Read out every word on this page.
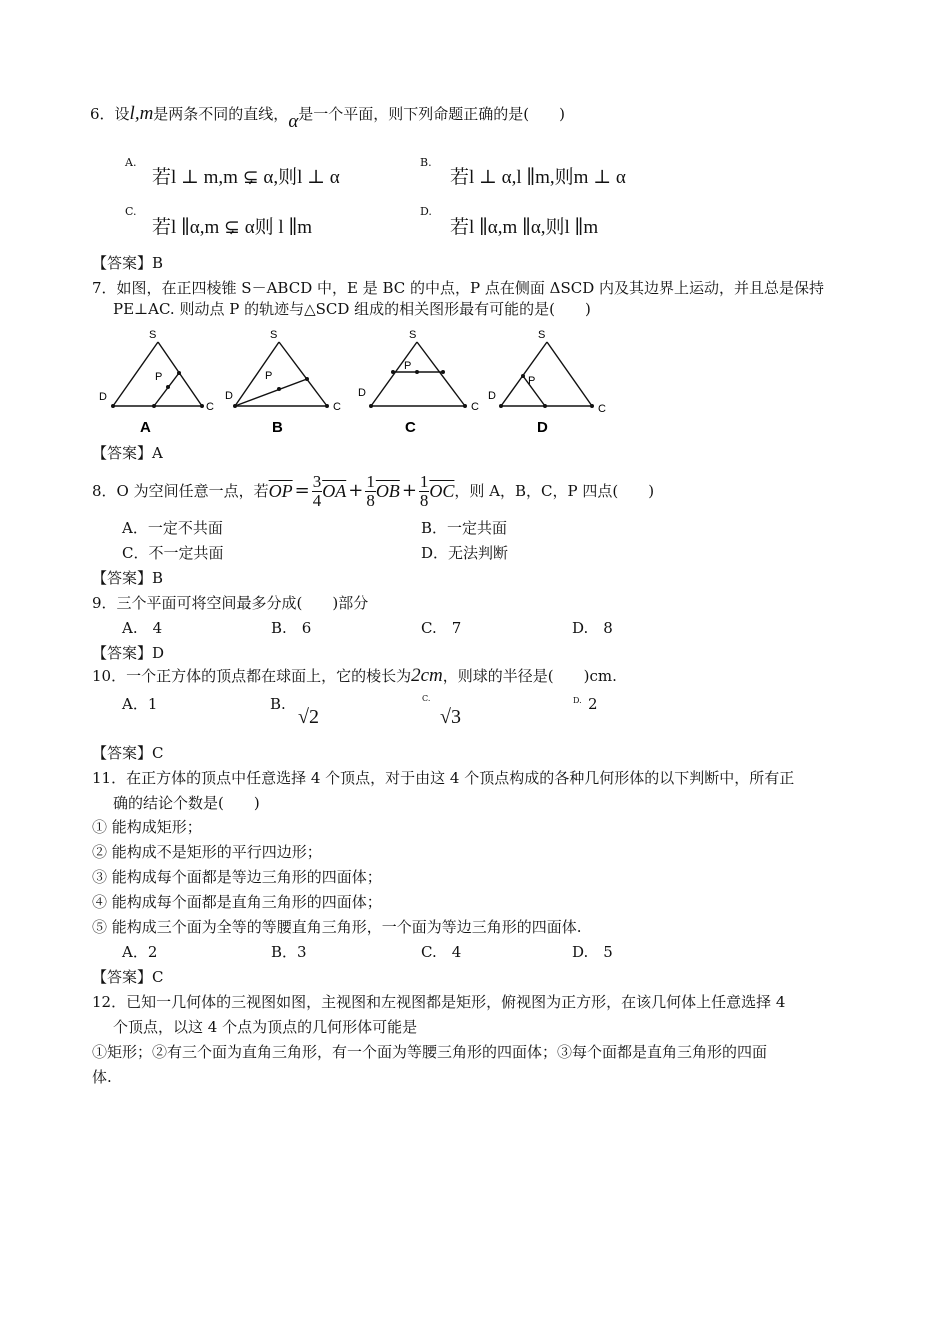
6．设l,m是两条不同的直线，α是一个平面，则下列命题正确的是(　　)
A.
若l ⊥ m,m ⊊ α,则l ⊥ α
B.
若l ⊥ α,l ∥m,则m ⊥ α
C.
若l ∥α,m ⊊ α则 l ∥m
D.
若l ∥α,m ∥α,则l ∥m
【答案】B
7．如图，在正四棱锥 S－ABCD 中，E 是 BC 的中点，P 点在侧面 ΔSCD 内及其边界上运动，并且总是保持
PE⊥AC. 则动点 P 的轨迹与△SCD 组成的相关图形最有可能的是(　　)
S
D
C
P
A
S
D
C
P
B
S
D
C
P
C
S
D
C
P
D
【答案】A
8．O 为空间任意一点，若 $\overline{OP} = \frac{3}{4} \overline{OA} + \frac{1}{8} \overline{OB} + \frac{1}{8} \overline{OC}$ ，则 A，B，C，P 四点(　　)
A．一定不共面	B．一定共面
C．不一定共面	D．无法判断
【答案】B
9．三个平面可将空间最多分成(　　)部分
A.　4	B.　6	C.　7	D.　8
【答案】D
10．一个正方体的顶点都在球面上，它的棱长为2cm，则球的半径是(　　)cm.
A．1	B.
√2
C.
√3
D. 2
【答案】C
11．在正方体的顶点中任意选择 4 个顶点，对于由这 4 个顶点构成的各种几何形体的以下判断中，所有正
确的结论个数是(　　)
① 能构成矩形；
② 能构成不是矩形的平行四边形；
③ 能构成每个面都是等边三角形的四面体；
④ 能构成每个面都是直角三角形的四面体；
⑤ 能构成三个面为全等的等腰直角三角形，一个面为等边三角形的四面体.
A．2	B．3	C.　4	D.　5
【答案】C
12．已知一几何体的三视图如图，主视图和左视图都是矩形，俯视图为正方形，在该几何体上任意选择 4
个顶点，以这 4 个点为顶点的几何形体可能是
①矩形；②有三个面为直角三角形，有一个面为等腰三角形的四面体；③每个面都是直角三角形的四面
体.
